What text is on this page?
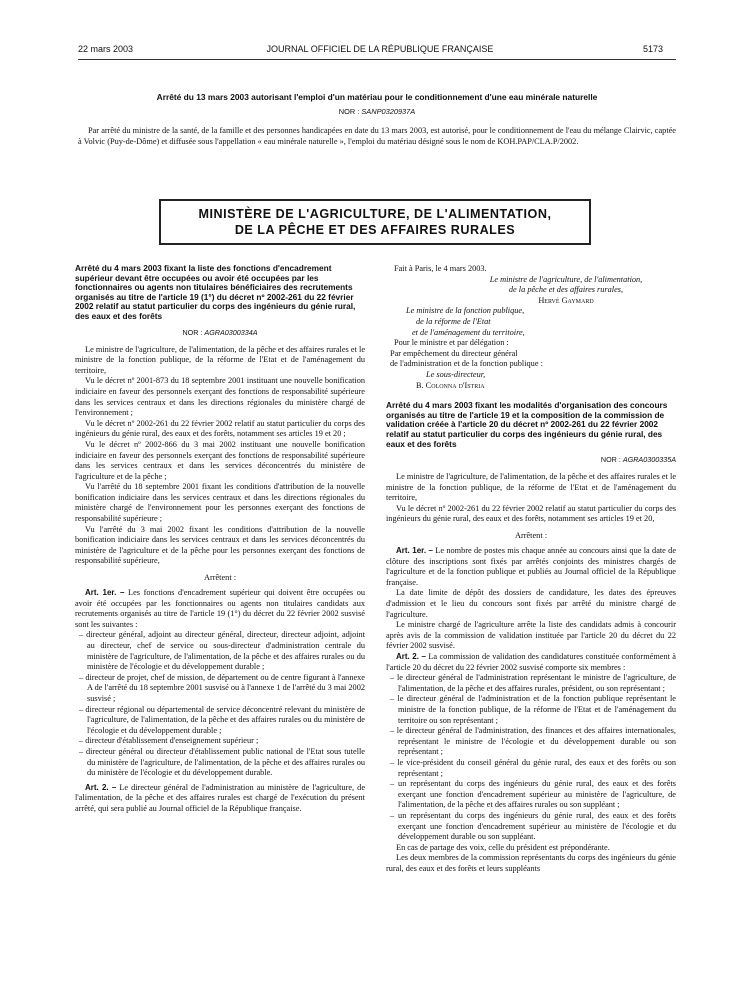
22 mars 2003	JOURNAL OFFICIEL DE LA RÉPUBLIQUE FRANÇAISE	5173
Arrêté du 13 mars 2003 autorisant l'emploi d'un matériau pour le conditionnement d'une eau minérale naturelle
NOR : SANP0320937A

Par arrêté du ministre de la santé, de la famille et des personnes handicapées en date du 13 mars 2003, est autorisé, pour le conditionnement de l'eau du mélange Clairvic, captée à Volvic (Puy-de-Dôme) et diffusée sous l'appellation « eau minérale naturelle », l'emploi du matériau désigné sous le nom de KOH.PAP/CLA.P/2002.

MINISTÈRE DE L'AGRICULTURE, DE L'ALIMENTATION,
DE LA PÊCHE ET DES AFFAIRES RURALES

Arrêté du 4 mars 2003 fixant la liste des fonctions d'encadrement supérieur devant être occupées ou avoir été occupées par les fonctionnaires ou agents non titulaires bénéficiaires des recrutements organisés au titre de l'article 19 (1°) du décret nº 2002-261 du 22 février 2002 relatif au statut particulier du corps des ingénieurs du génie rural, des eaux et des forêts

NOR : AGRA0300334A

Le ministre de l'agriculture, de l'alimentation, de la pêche et des affaires rurales et le ministre de la fonction publique, de la réforme de l'Etat et de l'aménagement du territoire,

Vu le décret nº 2001-873 du 18 septembre 2001 instituant une nouvelle bonification indiciaire en faveur des personnels exerçant des fonctions de responsabilité supérieure dans les services centraux et dans les directions régionales du ministère chargé de l'environnement ;

Vu le décret nº 2002-261 du 22 février 2002 relatif au statut particulier du corps des ingénieurs du génie rural, des eaux et des forêts, notamment ses articles 19 et 20 ;

Vu le décret nº 2002-866 du 3 mai 2002 instituant une nouvelle bonification indiciaire en faveur des personnels exerçant des fonctions de responsabilité supérieure dans les services centraux et dans les services déconcentrés du ministère de l'agriculture et de la pêche ;

Vu l'arrêté du 18 septembre 2001 fixant les conditions d'attribution de la nouvelle bonification indiciaire dans les services centraux et dans les directions régionales du ministère chargé de l'environnement pour les personnes exerçant des fonctions de responsabilité supérieure ;

Vu l'arrêté du 3 mai 2002 fixant les conditions d'attribution de la nouvelle bonification indiciaire dans les services centraux et dans les services déconcentrés du ministère de l'agriculture et de la pêche pour les personnes exerçant des fonctions de responsabilité supérieure,

Arrêtent :

Art. 1er. – Les fonctions d'encadrement supérieur qui doivent être occupées ou avoir été occupées par les fonctionnaires ou agents non titulaires candidats aux recrutements organisés au titre de l'article 19 (1°) du décret du 22 février 2002 susvisé sont les suivantes :

– directeur général, adjoint au directeur général, directeur, directeur adjoint, adjoint au directeur, chef de service ou sous-directeur d'administration centrale du ministère de l'agriculture, de l'alimentation, de la pêche et des affaires rurales ou du ministère de l'écologie et du développement durable ;
– directeur de projet, chef de mission, de département ou de centre figurant à l'annexe A de l'arrêté du 18 septembre 2001 susvisé ou à l'annexe 1 de l'arrêté du 3 mai 2002 susvisé ;
– directeur régional ou départemental de service déconcentré relevant du ministère de l'agriculture, de l'alimentation, de la pêche et des affaires rurales ou du ministère de l'écologie et du développement durable ;
– directeur d'établissement d'enseignement supérieur ;
– directeur général ou directeur d'établissement public national de l'Etat sous tutelle du ministère de l'agriculture, de l'alimentation, de la pêche et des affaires rurales ou du ministère de l'écologie et du développement durable.

Art. 2. – Le directeur général de l'administration au ministère de l'agriculture, de l'alimentation, de la pêche et des affaires rurales est chargé de l'exécution du présent arrêté, qui sera publié au Journal officiel de la République française.

Fait à Paris, le 4 mars 2003.

Le ministre de l'agriculture, de l'alimentation,
de la pêche et des affaires rurales,

Hervé Gaymard

Le ministre de la fonction publique,
de la réforme de l'Etat
et de l'aménagement du territoire,

Pour le ministre et par délégation :

Par empêchement du directeur général
de l'administration et de la fonction publique :

Le sous-directeur,

B. Colonna d'Istria

Arrêté du 4 mars 2003 fixant les modalités d'organisation des concours organisés au titre de l'article 19 et la composition de la commission de validation créée à l'article 20 du décret nº 2002-261 du 22 février 2002 relatif au statut particulier du corps des ingénieurs du génie rural, des eaux et des forêts

NOR : AGRA0300335A

Le ministre de l'agriculture, de l'alimentation, de la pêche et des affaires rurales et le ministre de la fonction publique, de la réforme de l'Etat et de l'aménagement du territoire,

Vu le décret nº 2002-261 du 22 février 2002 relatif au statut particulier du corps des ingénieurs du génie rural, des eaux et des forêts, notamment ses articles 19 et 20,

Arrêtent :

Art. 1er. – Le nombre de postes mis chaque année au concours ainsi que la date de clôture des inscriptions sont fixés par arrêtés conjoints des ministres chargés de l'agriculture et de la fonction publique et publiés au Journal officiel de la République française.

La date limite de dépôt des dossiers de candidature, les dates des épreuves d'admission et le lieu du concours sont fixés par arrêté du ministre chargé de l'agriculture.

Le ministre chargé de l'agriculture arrête la liste des candidats admis à concourir après avis de la commission de validation instituée par l'article 20 du décret du 22 février 2002 susvisé.

Art. 2. – La commission de validation des candidatures constituée conformément à l'article 20 du décret du 22 février 2002 susvisé comporte six membres :

– le directeur général de l'administration représentant le ministre de l'agriculture, de l'alimentation, de la pêche et des affaires rurales, président, ou son représentant ;
– le directeur général de l'administration et de la fonction publique représentant le ministre de la fonction publique, de la réforme de l'Etat et de l'aménagement du territoire ou son représentant ;
– le directeur général de l'administration, des finances et des affaires internationales, représentant le ministre de l'écologie et du développement durable ou son représentant ;
– le vice-président du conseil général du génie rural, des eaux et des forêts ou son représentant ;
– un représentant du corps des ingénieurs du génie rural, des eaux et des forêts exerçant une fonction d'encadrement supérieur au ministère de l'agriculture, de l'alimentation, de la pêche et des affaires rurales ou son suppléant ;
– un représentant du corps des ingénieurs du génie rural, des eaux et des forêts exerçant une fonction d'encadrement supérieur au ministère de l'écologie et du développement durable ou son suppléant.

En cas de partage des voix, celle du président est prépondérante.

Les deux membres de la commission représentants du corps des ingénieurs du génie rural, des eaux et des forêts et leurs suppléants
